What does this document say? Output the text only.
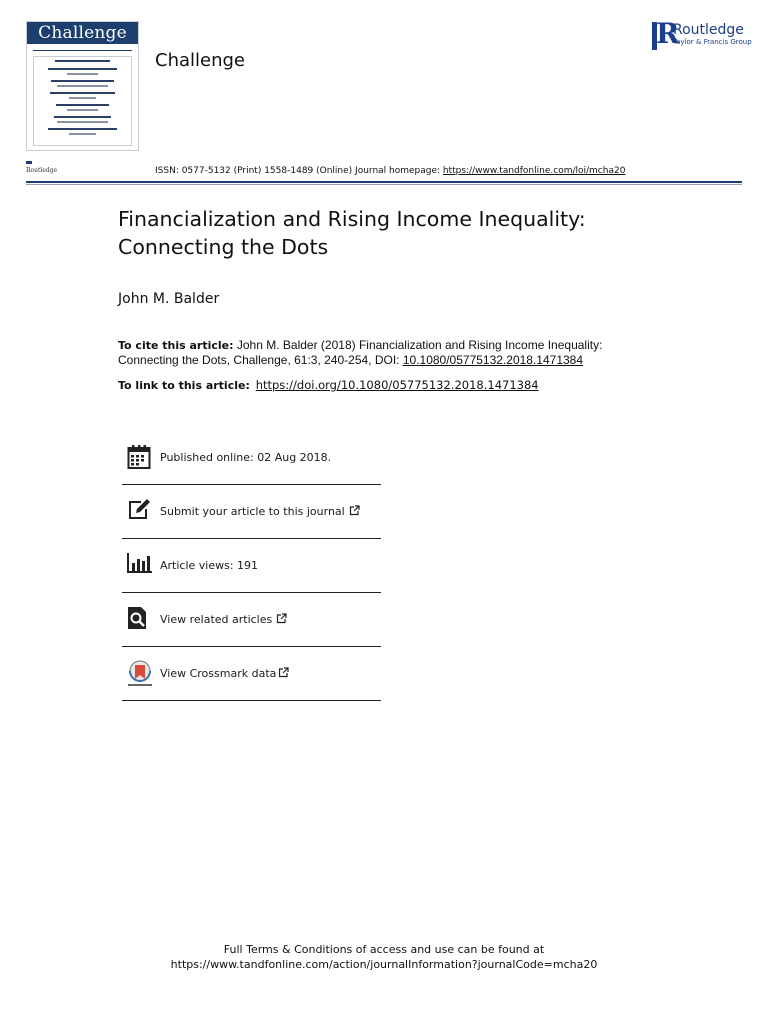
Challenge
Routledge
Challenge
R
Routledge
Taylor & Francis Group
ISSN: 0577-5132 (Print) 1558-1489 (Online) Journal homepage: https://www.tandfonline.com/loi/mcha20
Financialization and Rising Income Inequality:
Connecting the Dots
John M. Balder
To cite this article: John M. Balder (2018) Financialization and Rising Income Inequality: Connecting the Dots, Challenge, 61:3, 240-254, DOI: 10.1080/05775132.2018.1471384
To link to this article: https://doi.org/10.1080/05775132.2018.1471384
Published online: 02 Aug 2018.
Submit your article to this journal
Article views: 191
View related articles
View Crossmark data
Full Terms & Conditions of access and use can be found at
https://www.tandfonline.com/action/journalInformation?journalCode=mcha20
